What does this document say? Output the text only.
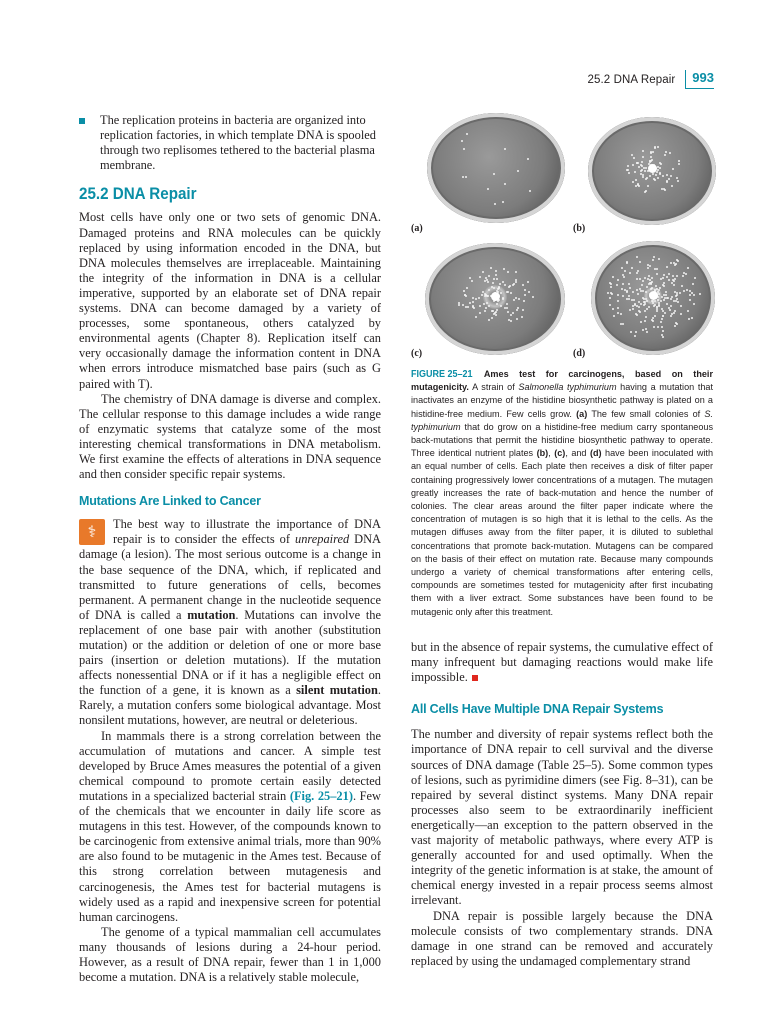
25.2 DNA Repair	993
The replication proteins in bacteria are organized into replication factories, in which template DNA is spooled through two replisomes tethered to the bacterial plasma membrane.
25.2 DNA Repair

Most cells have only one or two sets of genomic DNA. Damaged proteins and RNA molecules can be quickly replaced by using information encoded in the DNA, but DNA molecules themselves are irreplaceable. Maintaining the integrity of the information in DNA is a cellular imperative, supported by an elaborate set of DNA repair systems. DNA can become damaged by a variety of processes, some spontaneous, others catalyzed by environmental agents (Chapter 8). Replication itself can very occasionally damage the information content in DNA when errors introduce mismatched base pairs (such as G paired with T).

The chemistry of DNA damage is diverse and complex. The cellular response to this damage includes a wide range of enzymatic systems that catalyze some of the most interesting chemical transformations in DNA metabolism. We first examine the effects of alterations in DNA sequence and then consider specific repair systems.

Mutations Are Linked to Cancer

⚕	The best way to illustrate the importance of DNA repair is to consider the effects of unrepaired DNA damage (a lesion). The most serious outcome is a change in the base sequence of the DNA, which, if replicated and transmitted to future generations of cells, becomes permanent. A permanent change in the nucleotide sequence of DNA is called a mutation. Mutations can involve the replacement of one base pair with another (substitution mutation) or the addition or deletion of one or more base pairs (insertion or deletion mutations). If the mutation affects nonessential DNA or if it has a negligible effect on the function of a gene, it is known as a silent mutation. Rarely, a mutation confers some biological advantage. Most nonsilent mutations, however, are neutral or deleterious.

In mammals there is a strong correlation between the accumulation of mutations and cancer. A simple test developed by Bruce Ames measures the potential of a given chemical compound to promote certain easily detected mutations in a specialized bacterial strain (Fig. 25–21). Few of the chemicals that we encounter in daily life score as mutagens in this test. However, of the compounds known to be carcinogenic from extensive animal trials, more than 90% are also found to be mutagenic in the Ames test. Because of this strong correlation between mutagenesis and carcinogenesis, the Ames test for bacterial mutagens is widely used as a rapid and inexpensive screen for potential human carcinogens.

The genome of a typical mammalian cell accumulates many thousands of lesions during a 24-hour period. However, as a result of DNA repair, fewer than 1 in 1,000 become a mutation. DNA is a relatively stable molecule,

(a)	(b)
(c)	(d)
FIGURE 25–21 Ames test for carcinogens, based on their mutagenicity. A strain of Salmonella typhimurium having a mutation that inactivates an enzyme of the histidine biosynthetic pathway is plated on a histidine-free medium. Few cells grow. (a) The few small colonies of S. typhimurium that do grow on a histidine-free medium carry spontaneous back-mutations that permit the histidine biosynthetic pathway to operate. Three identical nutrient plates (b), (c), and (d) have been inoculated with an equal number of cells. Each plate then receives a disk of filter paper containing progressively lower concentrations of a mutagen. The mutagen greatly increases the rate of back-mutation and hence the number of colonies. The clear areas around the filter paper indicate where the concentration of mutagen is so high that it is lethal to the cells. As the mutagen diffuses away from the filter paper, it is diluted to sublethal concentrations that promote back-mutation. Mutagens can be compared on the basis of their effect on mutation rate. Because many compounds undergo a variety of chemical transformations after entering cells, compounds are sometimes tested for mutagenicity after first incubating them with a liver extract. Some substances have been found to be mutagenic only after this treatment.

but in the absence of repair systems, the cumulative effect of many infrequent but damaging reactions would make life impossible.

All Cells Have Multiple DNA Repair Systems

The number and diversity of repair systems reflect both the importance of DNA repair to cell survival and the diverse sources of DNA damage (Table 25–5). Some common types of lesions, such as pyrimidine dimers (see Fig. 8–31), can be repaired by several distinct systems. Many DNA repair processes also seem to be extraordinarily inefficient energetically—an exception to the pattern observed in the vast majority of metabolic pathways, where every ATP is generally accounted for and used optimally. When the integrity of the genetic information is at stake, the amount of chemical energy invested in a repair process seems almost irrelevant.

DNA repair is possible largely because the DNA molecule consists of two complementary strands. DNA damage in one strand can be removed and accurately replaced by using the undamaged complementary strand
